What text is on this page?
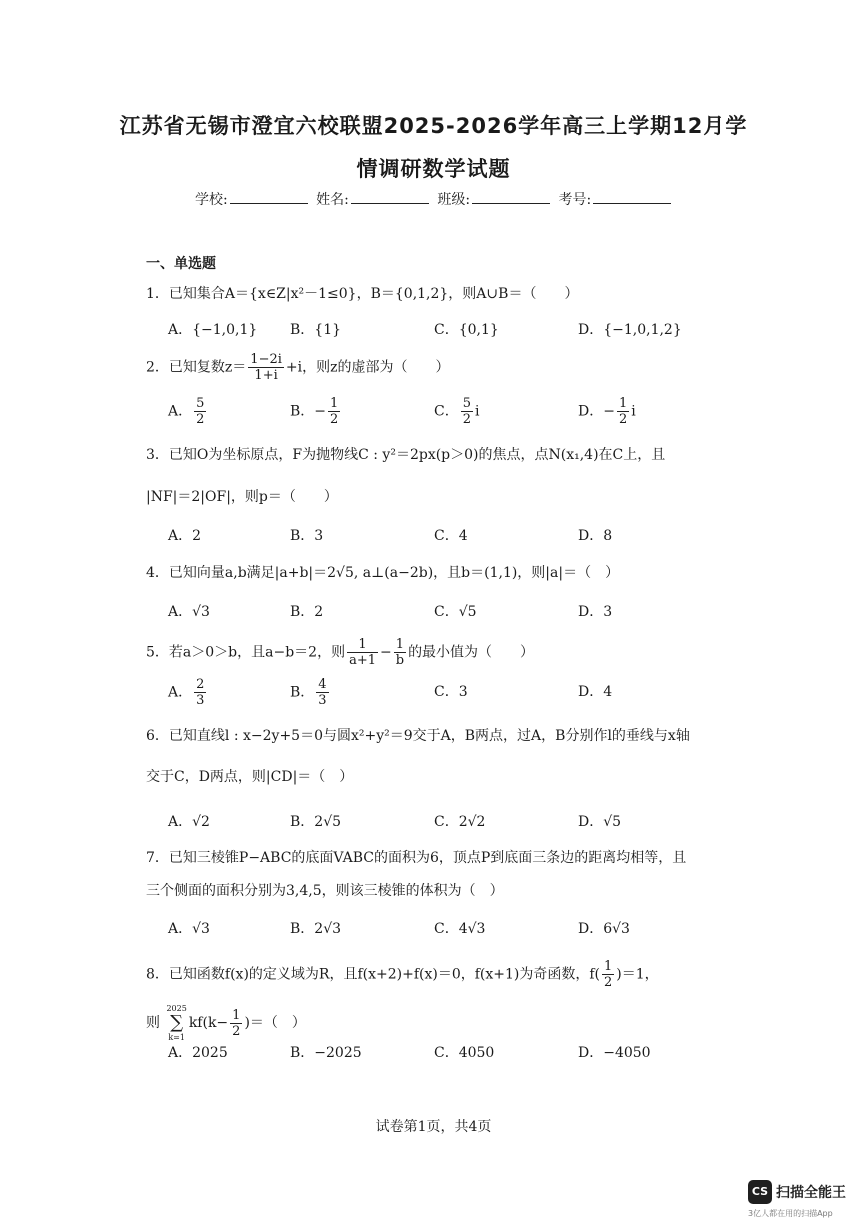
江苏省无锡市澄宜六校联盟2025-2026学年高三上学期12月学
情调研数学试题
学校:	姓名:	班级:	考号:
一、单选题
1．已知集合A＝{x∈Z|x²－1≤0}，B＝{0,1,2}，则A∪B＝（　　）
A．{−1,0,1} B．{1}	C．{0,1}	D．{−1,0,1,2}
2．已知复数$z= \frac{1-2i}{1+i} +i$，则z的虚部为（　　）
A． $\frac{5}{2}$	B．− $\frac{1}{2}$	C． $\frac{5}{2}$ i	D．− $\frac{1}{2}$ i
3．已知O为坐标原点，F为抛物线C : y²＝2px(p＞0)的焦点，点N(x₁,4)在C上，且
|NF|＝2|OF|，则p＝（　　）
A．2	B．3	C．4	D．8
4．已知向量a,b满足|a+b|＝2√5, a⊥(a−2b)，且b＝(1,1)，则|a|＝（　）
A．√3	B．2	C．√5	D．3
5．若a＞0＞b，且a−b＝2，则 $\frac{1}{a+1} - \frac{1}{b}$ 的最小值为（　　）
A． $\frac{2}{3}$	B． $\frac{4}{3}$	C．3	D．4
6．已知直线l : x−2y+5＝0与圆x²+y²＝9交于A，B两点，过A，B分别作l的垂线与x轴
交于C，D两点，则|CD|＝（　）
A．√2	B．2√5	C．2√2	D．√5
7．已知三棱锥P−ABC的底面VABC的面积为6，顶点P到底面三条边的距离均相等，且
三个侧面的面积分别为3,4,5，则该三棱锥的体积为（　）
A．√3	B．2√3	C．4√3	D．6√3
8．已知函数f(x)的定义域为R，且f(x+2)+f(x)＝0，f(x+1)为奇函数，$f( \frac{1}{2} )=1$，
则
2025
∑
k=1
$kf(k- \frac{1}{2}$ )＝（　）
A．2025	B．−2025	C．4050	D．−4050
试卷第1页，共4页
CS 扫描全能王
3亿人都在用的扫描App
